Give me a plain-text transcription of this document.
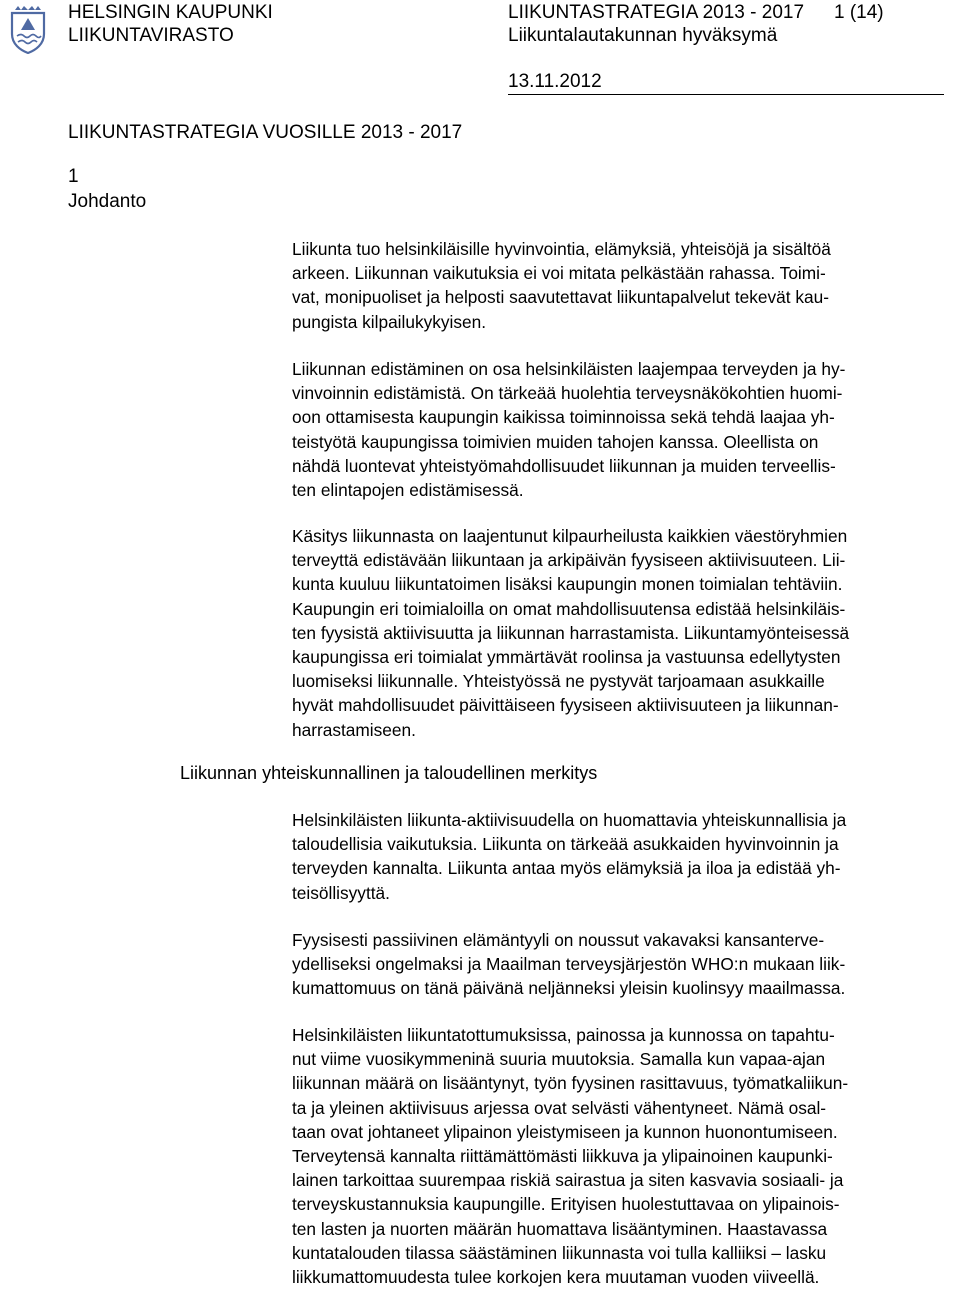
HELSINGIN KAUPUNKI
LIIKUNTAVIRASTO
LIIKUNTASTRATEGIA 2013 - 2017 1 (14)
Liikuntalautakunnan hyväksymä
13.11.2012
LIIKUNTASTRATEGIA VUOSILLE 2013 - 2017
1
Johdanto
Liikunta tuo helsinkiläisille hyvinvointia, elämyksiä, yhteisöjä ja sisältöä
arkeen. Liikunnan vaikutuksia ei voi mitata pelkästään rahassa. Toimi-
vat, monipuoliset ja helposti saavutettavat liikuntapalvelut tekevät kau-
pungista kilpailukykyisen.
Liikunnan edistäminen on osa helsinkiläisten laajempaa terveyden ja hy-
vinvoinnin edistämistä. On tärkeää huolehtia terveysnäkökohtien huomi-
oon ottamisesta kaupungin kaikissa toiminnoissa sekä tehdä laajaa yh-
teistyötä kaupungissa toimivien muiden tahojen kanssa. Oleellista on
nähdä luontevat yhteistyömahdollisuudet liikunnan ja muiden terveellis-
ten elintapojen edistämisessä.
Käsitys liikunnasta on laajentunut kilpaurheilusta kaikkien väestöryhmien
terveyttä edistävään liikuntaan ja arkipäivän fyysiseen aktiivisuuteen. Lii-
kunta kuuluu liikuntatoimen lisäksi kaupungin monen toimialan tehtäviin.
Kaupungin eri toimialoilla on omat mahdollisuutensa edistää helsinkiläis-
ten fyysistä aktiivisuutta ja liikunnan harrastamista. Liikuntamyönteisessä
kaupungissa eri toimialat ymmärtävät roolinsa ja vastuunsa edellytysten
luomiseksi liikunnalle. Yhteistyössä ne pystyvät tarjoamaan asukkaille
hyvät mahdollisuudet päivittäiseen fyysiseen aktiivisuuteen ja liikunnan-
harrastamiseen.
Liikunnan yhteiskunnallinen ja taloudellinen merkitys
Helsinkiläisten liikunta-aktiivisuudella on huomattavia yhteiskunnallisia ja
taloudellisia vaikutuksia. Liikunta on tärkeää asukkaiden hyvinvoinnin ja
terveyden kannalta. Liikunta antaa myös elämyksiä ja iloa ja edistää yh-
teisöllisyyttä.
Fyysisesti passiivinen elämäntyyli on noussut vakavaksi kansanterve-
ydelliseksi ongelmaksi ja Maailman terveysjärjestön WHO:n mukaan liik-
kumattomuus on tänä päivänä neljänneksi yleisin kuolinsyy maailmassa.
Helsinkiläisten liikuntatottumuksissa, painossa ja kunnossa on tapahtu-
nut viime vuosikymmeninä suuria muutoksia. Samalla kun vapaa-ajan
liikunnan määrä on lisääntynyt, työn fyysinen rasittavuus, työmatkaliikun-
ta ja yleinen aktiivisuus arjessa ovat selvästi vähentyneet. Nämä osal-
taan ovat johtaneet ylipainon yleistymiseen ja kunnon huonontumiseen.
Terveytensä kannalta riittämättömästi liikkuva ja ylipainoinen kaupunki-
lainen tarkoittaa suurempaa riskiä sairastua ja siten kasvavia sosiaali- ja
terveyskustannuksia kaupungille. Erityisen huolestuttavaa on ylipainois-
ten lasten ja nuorten määrän huomattava lisääntyminen. Haastavassa
kuntatalouden tilassa säästäminen liikunnasta voi tulla kalliiksi – lasku
liikkumattomuudesta tulee korkojen kera muutaman vuoden viiveellä.
